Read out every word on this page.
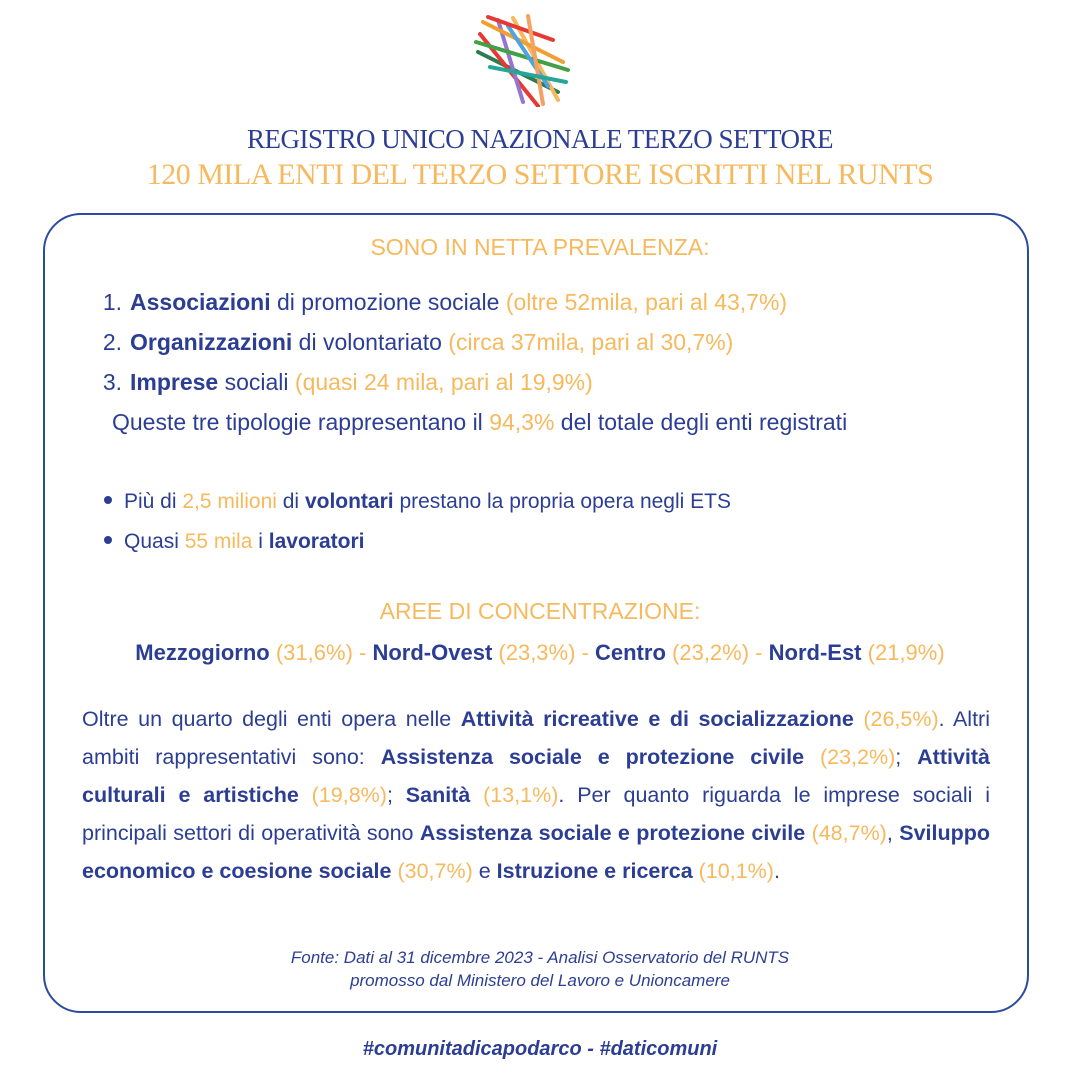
REGISTRO UNICO NAZIONALE TERZO SETTORE
120 MILA ENTI DEL TERZO SETTORE ISCRITTI NEL RUNTS
SONO IN NETTA PREVALENZA:
1. Associazioni di promozione sociale (oltre 52mila, pari al 43,7%)
2. Organizzazioni di volontariato (circa 37mila, pari al 30,7%)
3. Imprese sociali (quasi 24 mila, pari al 19,9%)
Queste tre tipologie rappresentano il 94,3% del totale degli enti registrati
Più di 2,5 milioni di volontari prestano la propria opera negli ETS
Quasi 55 mila i lavoratori
AREE DI CONCENTRAZIONE:
Mezzogiorno (31,6%) - Nord-Ovest (23,3%) - Centro (23,2%) - Nord-Est (21,9%)
Oltre un quarto degli enti opera nelle Attività ricreative e di socializzazione (26,5%). Altri ambiti rappresentativi sono: Assistenza sociale e protezione civile (23,2%); Attività culturali e artistiche (19,8%); Sanità (13,1%). Per quanto riguarda le imprese sociali i principali settori di operatività sono Assistenza sociale e protezione civile (48,7%), Sviluppo economico e coesione sociale (30,7%) e Istruzione e ricerca (10,1%).
Fonte: Dati al 31 dicembre 2023 - Analisi Osservatorio del RUNTS
promosso dal Ministero del Lavoro e Unioncamere
#comunitadicapodarco - #daticomuni
